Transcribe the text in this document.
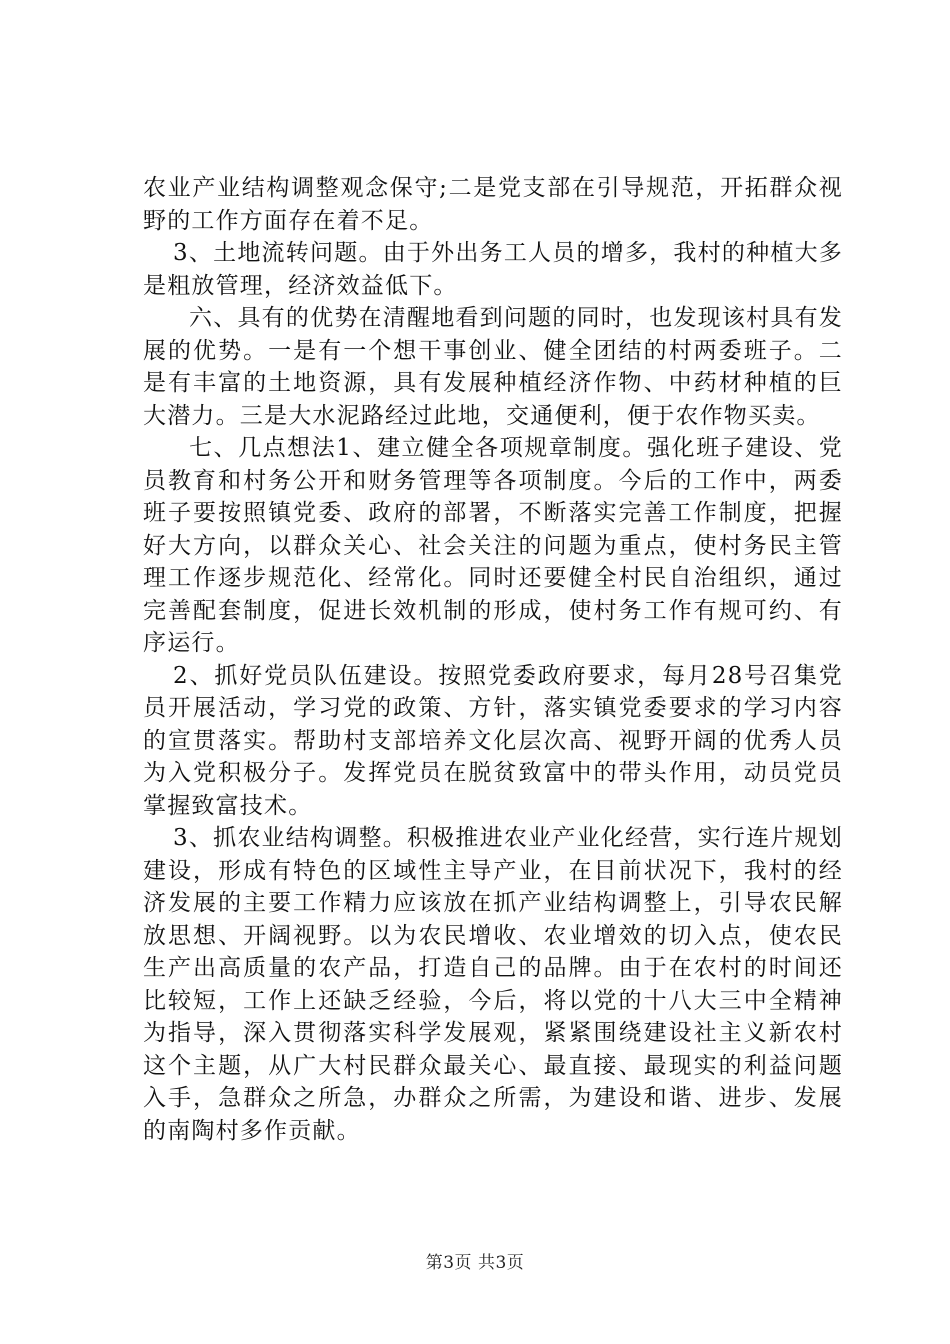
农业产业结构调整观念保守;二是党支部在引导规范，开拓群众视野的工作方面存在着不足。

3、土地流转问题。由于外出务工人员的增多，我村的种植大多是粗放管理，经济效益低下。

六、具有的优势在清醒地看到问题的同时，也发现该村具有发展的优势。一是有一个想干事创业、健全团结的村两委班子。二是有丰富的土地资源，具有发展种植经济作物、中药材种植的巨大潜力。三是大水泥路经过此地，交通便利，便于农作物买卖。

七、几点想法1、建立健全各项规章制度。强化班子建设、党员教育和村务公开和财务管理等各项制度。今后的工作中，两委班子要按照镇党委、政府的部署，不断落实完善工作制度，把握好大方向，以群众关心、社会关注的问题为重点，使村务民主管理工作逐步规范化、经常化。同时还要健全村民自治组织，通过完善配套制度，促进长效机制的形成，使村务工作有规可约、有序运行。

2、抓好党员队伍建设。按照党委政府要求，每月28号召集党员开展活动，学习党的政策、方针，落实镇党委要求的学习内容的宣贯落实。帮助村支部培养文化层次高、视野开阔的优秀人员为入党积极分子。发挥党员在脱贫致富中的带头作用，动员党员掌握致富技术。

3、抓农业结构调整。积极推进农业产业化经营，实行连片规划建设，形成有特色的区域性主导产业，在目前状况下，我村的经济发展的主要工作精力应该放在抓产业结构调整上，引导农民解放思想、开阔视野。以为农民增收、农业增效的切入点，使农民生产出高质量的农产品，打造自己的品牌。由于在农村的时间还比较短，工作上还缺乏经验，今后，将以党的十八大三中全精神为指导，深入贯彻落实科学发展观，紧紧围绕建设社主义新农村这个主题，从广大村民群众最关心、最直接、最现实的利益问题入手，急群众之所急，办群众之所需，为建设和谐、进步、发展的南陶村多作贡献。

第3页 共3页
